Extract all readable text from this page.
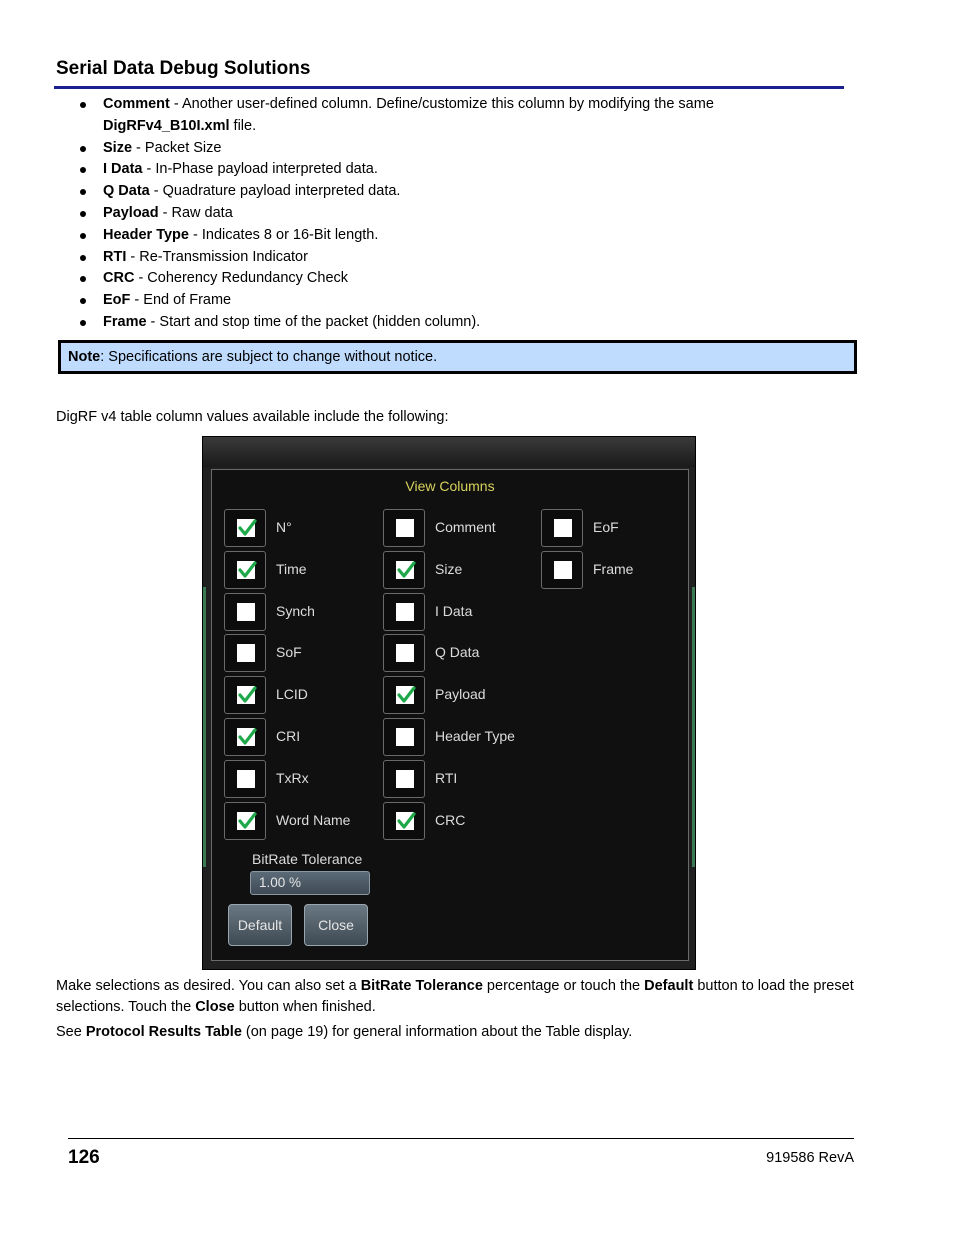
Serial Data Debug Solutions
Comment - Another user-defined column. Define/customize this column by modifying the same DigRFv4_B10I.xml file.
Size - Packet Size
I Data - In-Phase payload interpreted data.
Q Data - Quadrature payload interpreted data.
Payload - Raw data
Header Type - Indicates 8 or 16-Bit length.
RTI - Re-Transmission Indicator
CRC - Coherency Redundancy Check
EoF - End of Frame
Frame - Start and stop time of the packet (hidden column).
Note: Specifications are subject to change without notice.
DigRF v4 table column values available include the following:
View Columns
BitRate Tolerance
1.00 %
Default	Close
N°
Time
Synch
SoF
LCID
CRI
TxRx
Word Name
Comment
Size
I Data
Q Data
Payload
Header Type
RTI
CRC
EoF
Frame
Make selections as desired. You can also set a BitRate Tolerance percentage or touch the Default button to load the preset selections. Touch the Close button when finished.
See Protocol Results Table (on page 19) for general information about the Table display.
126	919586 RevA
